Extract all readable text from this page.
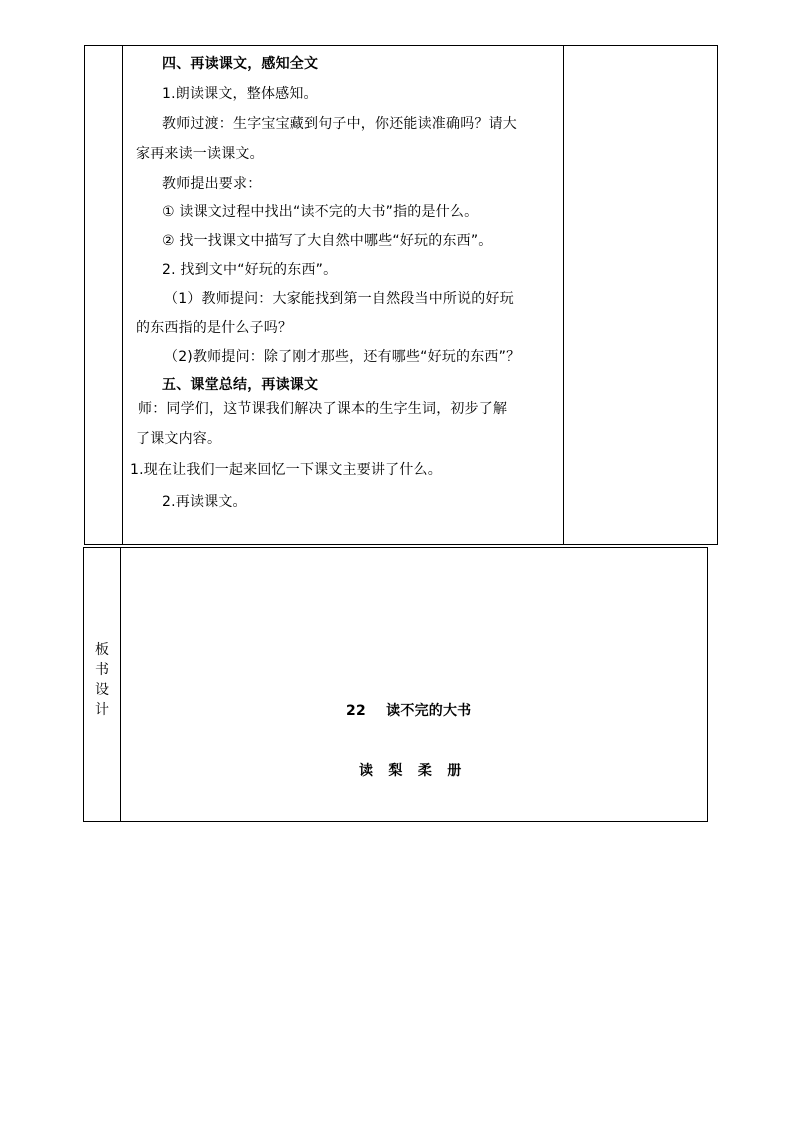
四、再读课文，感知全文
1.朗读课文，整体感知。
教师过渡：生字宝宝藏到句子中，你还能读准确吗？请大
家再来读一读课文。
教师提出要求：
① 读课文过程中找出“读不完的大书”指的是什么。
② 找一找课文中描写了大自然中哪些“好玩的东西”。
2. 找到文中“好玩的东西”。
（1）教师提问：大家能找到第一自然段当中所说的好玩
的东西指的是什么子吗？
（2)教师提问：除了刚才那些，还有哪些“好玩的东西”？
五、课堂总结，再读课文
师：同学们，这节课我们解决了课本的生字生词，初步了解
了课文内容。
1.现在让我们一起来回忆一下课文主要讲了什么。
2.再读课文。
板
书
设
计	22    读不完的大书
读   梨   柔   册
